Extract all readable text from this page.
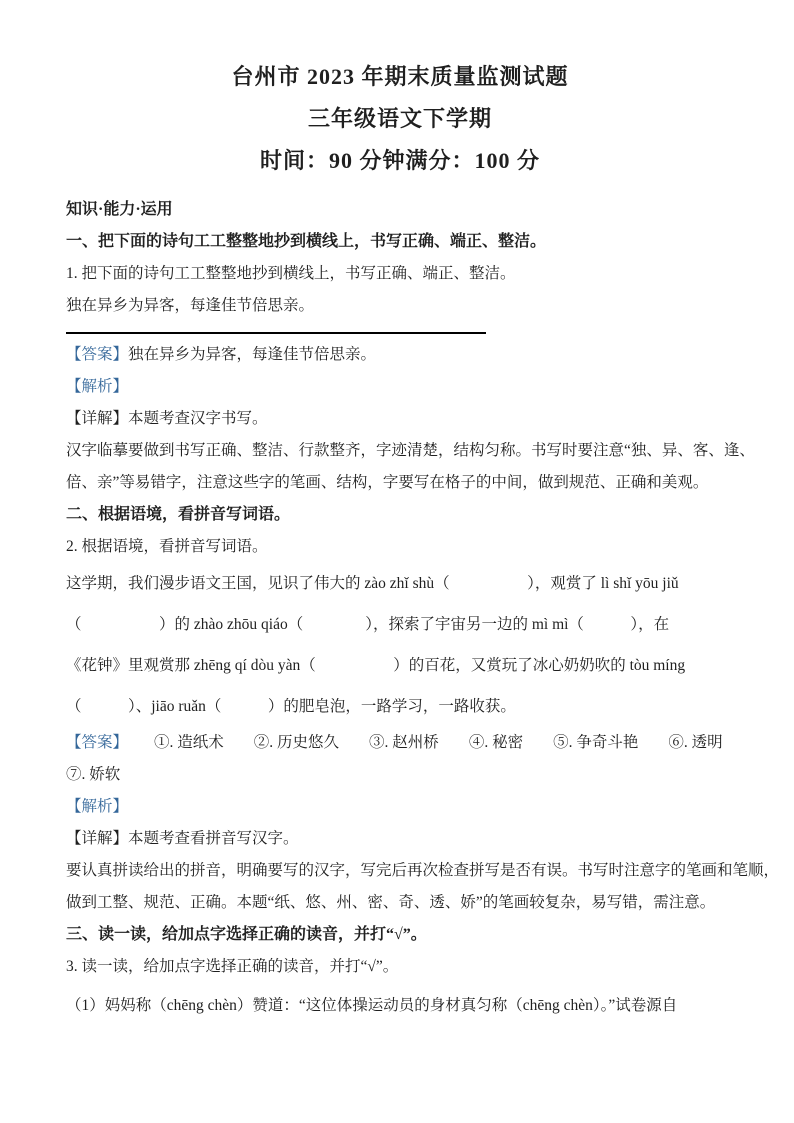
台州市 2023 年期末质量监测试题
三年级语文下学期
时间：90 分钟满分：100 分
知识·能力·运用
一、把下面的诗句工工整整地抄到横线上，书写正确、端正、整洁。
1. 把下面的诗句工工整整地抄到横线上，书写正确、端正、整洁。
独在异乡为异客，每逢佳节倍思亲。
【答案】独在异乡为异客，每逢佳节倍思亲。
【解析】
【详解】本题考查汉字书写。
汉字临摹要做到书写正确、整洁、行款整齐，字迹清楚，结构匀称。书写时要注意“独、异、客、逢、
倍、亲”等易错字，注意这些字的笔画、结构，字要写在格子的中间，做到规范、正确和美观。
二、根据语境，看拼音写词语。
2. 根据语境，看拼音写词语。
这学期，我们漫步语文王国，见识了伟大的 zào zhǐ shù（　　　　　），观赏了 lì shǐ yōu jiǔ
（　　　　　）的 zhào zhōu qiáo（　　　　），探索了宇宙另一边的 mì mì（　　　），在
《花钟》里观赏那 zhēng qí dòu yàn（　　　　　）的百花，又赏玩了冰心奶奶吹的 tòu míng
（　　　）、jiāo ruǎn（　　　）的肥皂泡，一路学习，一路收获。
【答案】 ①. 造纸术 ②. 历史悠久 ③. 赵州桥 ④. 秘密 ⑤. 争奇斗艳 ⑥. 透明
⑦. 娇软
【解析】
【详解】本题考查看拼音写汉字。
要认真拼读给出的拼音，明确要写的汉字，写完后再次检查拼写是否有误。书写时注意字的笔画和笔顺，
做到工整、规范、正确。本题“纸、悠、州、密、奇、透、娇”的笔画较复杂，易写错，需注意。
三、读一读，给加点字选择正确的读音，并打“√”。
3. 读一读，给加点字选择正确的读音，并打“√”。
（1）妈妈称（chēng chèn）赞道：“这位体操运动员的身材真匀称（chēng chèn）。”试卷源自
